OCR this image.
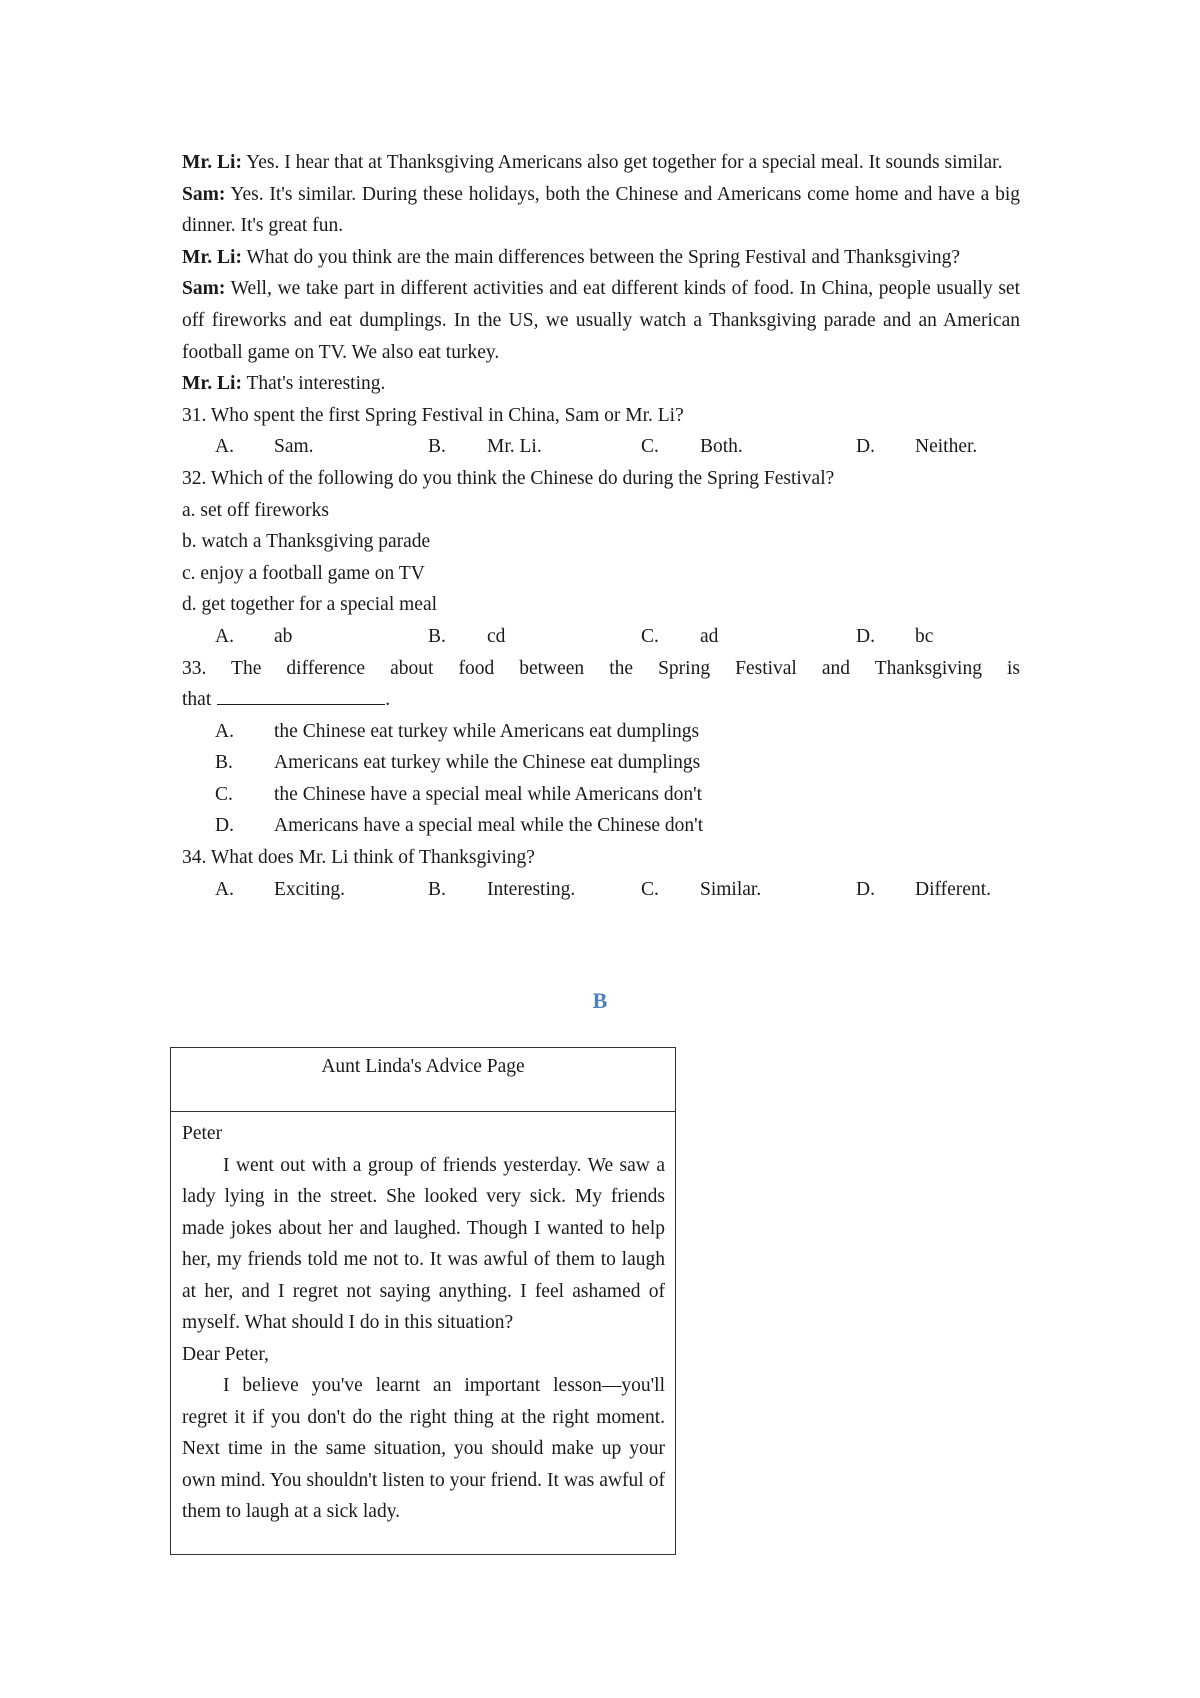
Mr. Li: Yes. I hear that at Thanksgiving Americans also get together for a special meal. It sounds similar.

Sam: Yes. It's similar. During these holidays, both the Chinese and Americans come home and have a big dinner. It's great fun.

Mr. Li: What do you think are the main differences between the Spring Festival and Thanksgiving?

Sam: Well, we take part in different activities and eat different kinds of food. In China, people usually set off fireworks and eat dumplings. In the US, we usually watch a Thanksgiving parade and an American football game on TV. We also eat turkey.

Mr. Li: That's interesting.

31. Who spent the first Spring Festival in China, Sam or Mr. Li?

A.	Sam.	B.	Mr. Li.	C.	Both.	D.	Neither.

32. Which of the following do you think the Chinese do during the Spring Festival?

a. set off fireworks

b. watch a Thanksgiving parade

c. enjoy a football game on TV

d. get together for a special meal

A.	ab	B.	cd	C.	ad	D.	bc

33. The difference about food between the Spring Festival and Thanksgiving is

that	.

A.	the Chinese eat turkey while Americans eat dumplings
B.	Americans eat turkey while the Chinese eat dumplings
C.	the Chinese have a special meal while Americans don't
D.	Americans have a special meal while the Chinese don't

34. What does Mr. Li think of Thanksgiving?

A.	Exciting.	B.	Interesting.	C.	Similar.	D.	Different.
B
Aunt Linda's Advice Page

Peter

I went out with a group of friends yesterday. We saw a lady lying in the street. She looked very sick. My friends made jokes about her and laughed. Though I wanted to help her, my friends told me not to. It was awful of them to laugh at her, and I regret not saying anything. I feel ashamed of myself. What should I do in this situation?

Dear Peter,

I believe you've learnt an important lesson—you'll regret it if you don't do the right thing at the right moment. Next time in the same situation, you should make up your own mind. You shouldn't listen to your friend. It was awful of them to laugh at a sick lady.
